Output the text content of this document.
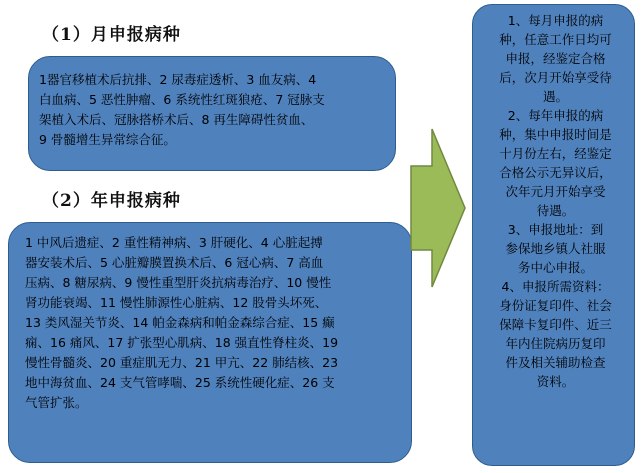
（1）月申报病种
1器官移植术后抗排、2 尿毒症透析、3 血友病、4
白血病、5 恶性肿瘤、6 系统性红斑狼疮、7 冠脉支
架植入术后、冠脉搭桥术后、8 再生障碍性贫血、
9 骨髓增生异常综合征。
（2）年申报病种
1 中风后遗症、2 重性精神病、3 肝硬化、4 心脏起搏
器安装术后、5 心脏瓣膜置换术后、6 冠心病、7 高血
压病、8 糖尿病、9 慢性重型肝炎抗病毒治疗、10 慢性
肾功能衰竭、11 慢性肺源性心脏病、12 股骨头坏死、
13 类风湿关节炎、14 帕金森病和帕金森综合症、15 癫
痫、16 痛风、17 扩张型心肌病、18 强直性脊柱炎、19
慢性骨髓炎、20 重症肌无力、21 甲亢、22 肺结核、23
地中海贫血、24 支气管哮喘、25 系统性硬化症、26 支
气管扩张。

1、每月申报的病
种，任意工作日均可
申报，经鉴定合格
后，次月开始享受待
遇。

2、每年申报的病
种，集中申报时间是
十月份左右，经鉴定
合格公示无异议后，
次年元月开始享受
待遇。

3、申报地址：到
参保地乡镇人社服
务中心申报。

4、申报所需资料：
身份证复印件、社会
保障卡复印件、近三
年内住院病历复印
件及相关辅助检查
资料。
